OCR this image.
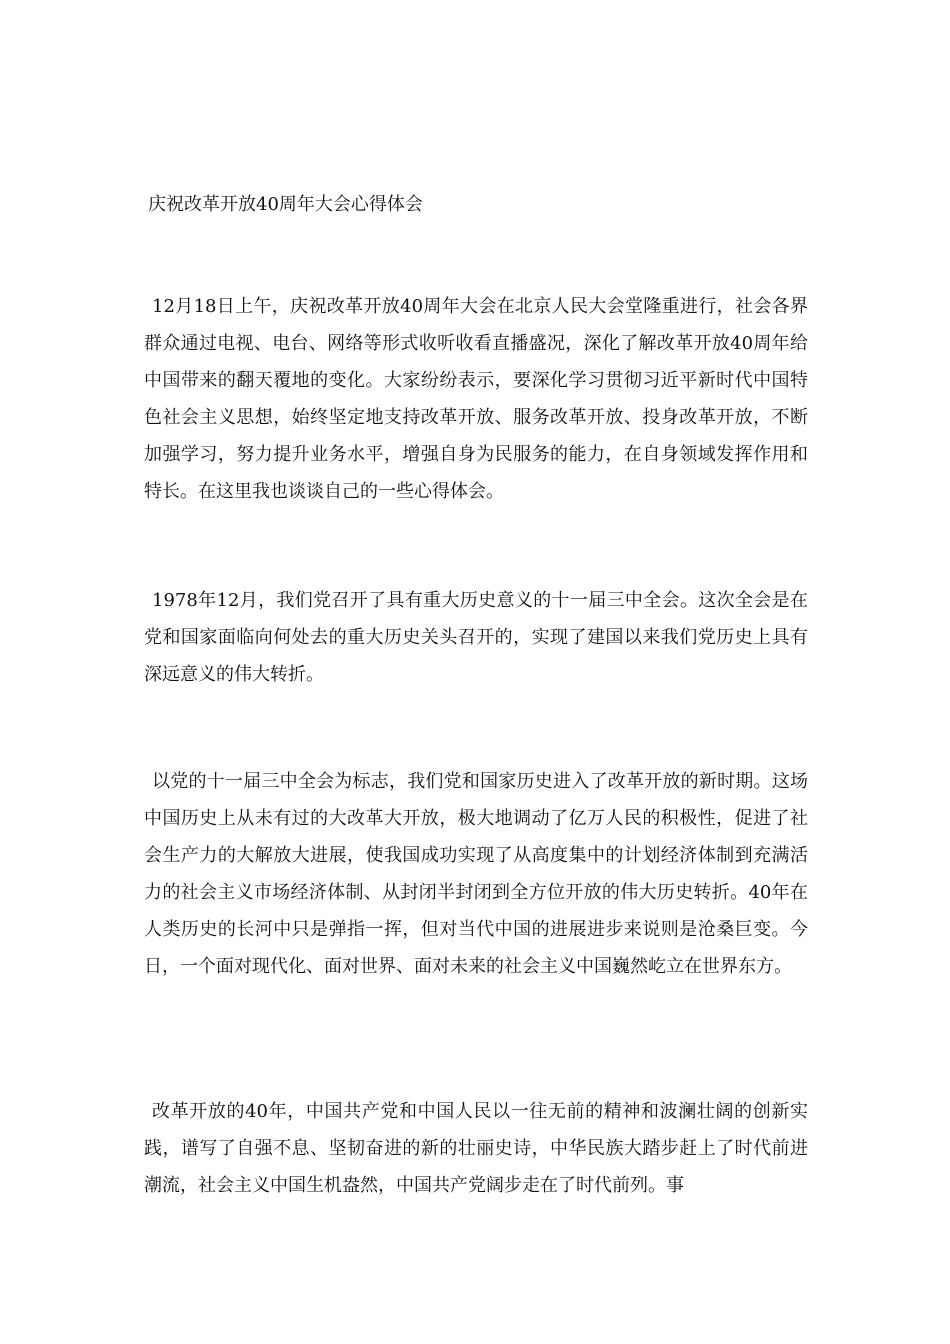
庆祝改革开放40周年大会心得体会

12月18日上午，庆祝改革开放40周年大会在北京人民大会堂隆重进行，社会各界群众通过电视、电台、网络等形式收听收看直播盛况，深化了解改革开放40周年给中国带来的翻天覆地的变化。大家纷纷表示，要深化学习贯彻习近平新时代中国特色社会主义思想，始终坚定地支持改革开放、服务改革开放、投身改革开放，不断加强学习，努力提升业务水平，增强自身为民服务的能力，在自身领域发挥作用和特长。在这里我也谈谈自己的一些心得体会。

1978年12月，我们党召开了具有重大历史意义的十一届三中全会。这次全会是在党和国家面临向何处去的重大历史关头召开的，实现了建国以来我们党历史上具有深远意义的伟大转折。

以党的十一届三中全会为标志，我们党和国家历史进入了改革开放的新时期。这场中国历史上从未有过的大改革大开放，极大地调动了亿万人民的积极性，促进了社会生产力的大解放大进展，使我国成功实现了从高度集中的计划经济体制到充满活力的社会主义市场经济体制、从封闭半封闭到全方位开放的伟大历史转折。40年在人类历史的长河中只是弹指一挥，但对当代中国的进展进步来说则是沧桑巨变。今日，一个面对现代化、面对世界、面对未来的社会主义中国巍然屹立在世界东方。

改革开放的40年，中国共产党和中国人民以一往无前的精神和波澜壮阔的创新实践，谱写了自强不息、坚韧奋进的新的壮丽史诗，中华民族大踏步赶上了时代前进潮流，社会主义中国生机盎然，中国共产党阔步走在了时代前列。事
